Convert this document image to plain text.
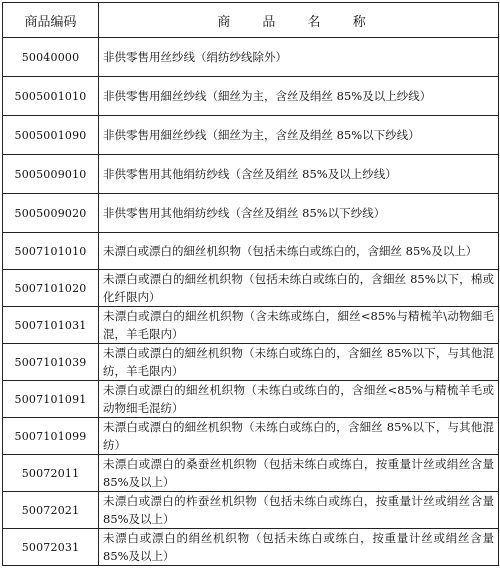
商品编码	商 品 名 称
50040000	非供零售用丝纱线（绢纺纱线除外）
5005001010	非供零售用細丝纱线（細丝为主，含丝及绢丝 85%及以上纱线）
5005001090	非供零售用細丝纱线（細丝为主，含丝及绢丝 85%以下纱线）
5005009010	非供零售用其他绢纺纱线（含丝及绢丝 85%及以上纱线）
5005009020	非供零售用其他绢纺纱线（含丝及绢丝 85%以下纱线）
5007101010	未漂白或漂白的細丝机织物（包括未练白或练白的，含細丝 85%及以上）
5007101020	未漂白或漂白的細丝机织物（包括未练白或练白的，含細丝 85%以下，棉或化纤限内）
5007101031	未漂白或漂白的細丝机织物（含未练或练白，細丝<85%与精梳羊\动物細毛混，羊毛限内）
5007101039	未漂白或漂白的細丝机织物（未练白或练白的，含細丝 85%以下，与其他混纺，羊毛限内）
5007101091	未漂白或漂白的細丝机织物（未练白或练白的，含细丝<85%与精梳羊毛或动物细毛混纺）
5007101099	未漂白或漂白的細丝机织物（未练白或练白的，含細丝 85%以下，与其他混纺）
50072011	未漂白或漂白的桑蚕丝机织物（包括未练白或练白，按重量计丝或绢丝含量 85%及以上）
50072021	未漂白或漂白的柞蚕丝机织物（包括未练白或练白，按重量计丝或绢丝含量 85%及以上）
50072031	未漂白或漂白的绢丝机织物（包括未练白或练白，按重量计丝或绢丝含量 85%及以上）
